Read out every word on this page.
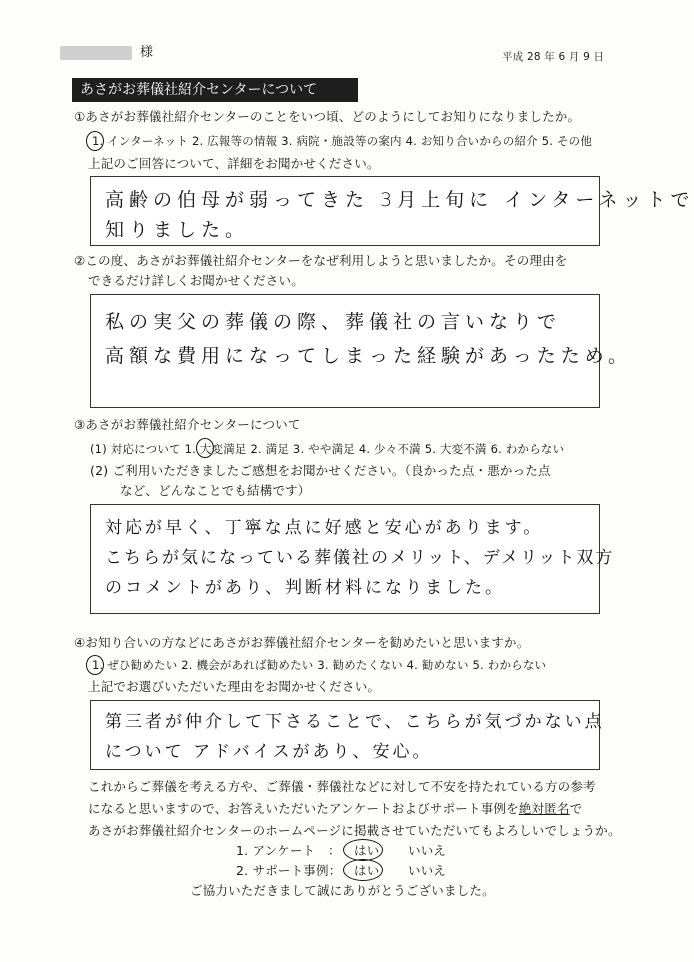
様	平成 28 年 6 月 9 日
あさがお葬儀社紹介センターについて
①あさがお葬儀社紹介センターのことをいつ頃、どのようにしてお知りになりましたか。
1. インターネット 2. 広報等の情報 3. 病院・施設等の案内 4. お知り合いからの紹介 5. その他
上記のご回答について、詳細をお聞かせください。
高齢の伯母が弱ってきた 3月上旬に インターネットで
知りました。
②この度、あさがお葬儀社紹介センターをなぜ利用しようと思いましたか。その理由を
できるだけ詳しくお聞かせください。
私の実父の葬儀の際、葬儀社の言いなりで
高額な費用になってしまった経験があったため。
③あさがお葬儀社紹介センターについて
(1) 対応について 1. 大変満足 2. 満足 3. やや満足 4. 少々不満 5. 大変不満 6. わからない
(2) ご利用いただきましたご感想をお聞かせください。（良かった点・悪かった点
など、どんなことでも結構です）
対応が早く、丁寧な点に好感と安心があります。
こちらが気になっている葬儀社のメリット、デメリット双方
のコメントがあり、判断材料になりました。
④お知り合いの方などにあさがお葬儀社紹介センターを勧めたいと思いますか。
1. ぜひ勧めたい 2. 機会があれば勧めたい 3. 勧めたくない 4. 勧めない 5. わからない
上記でお選びいただいた理由をお聞かせください。
第三者が仲介して下さることで、こちらが気づかない点
について アドバイスがあり、安心。
これからご葬儀を考える方や、ご葬儀・葬儀社などに対して不安を持たれている方の参考
になると思いますので、お答えいただいたアンケートおよびサポート事例を絶対匿名で
あさがお葬儀社紹介センターのホームページに掲載させていただいてもよろしいでしょうか。
1. アンケート　： はい いいえ
2. サポート事例： はい いいえ
ご協力いただきまして誠にありがとうございました。
